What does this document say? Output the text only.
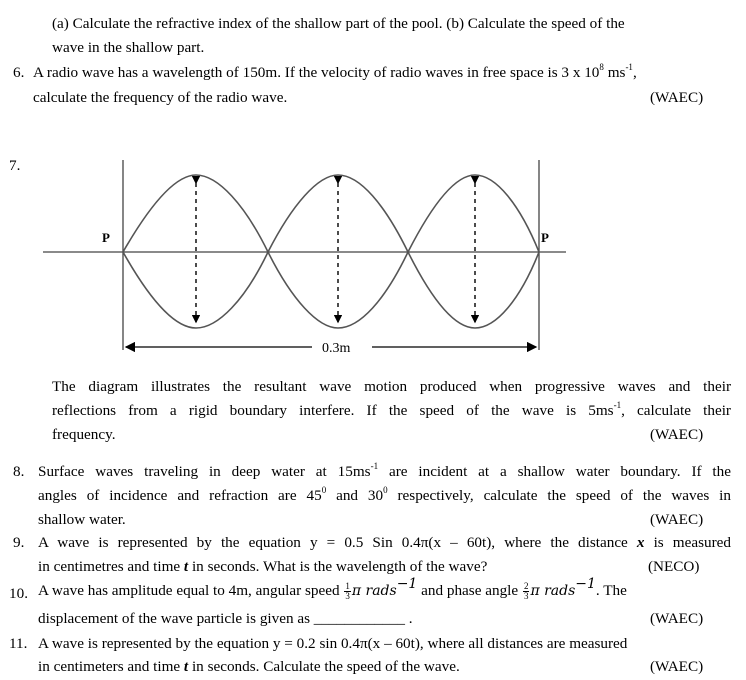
(a) Calculate the refractive index of the shallow part of the pool. (b) Calculate the speed of the
wave in the shallow part.
6. A radio wave has a wavelength of 150m. If the velocity of radio waves in free space is 3 x $10^8$ $ms^{-1}$,
calculate the frequency of the radio wave.	(WAEC)
7.
P	P
0.3m
The diagram illustrates the resultant wave motion produced when progressive waves and their
reflections from a rigid boundary interfere. If the speed of the wave is $5ms^{-1}$, calculate their
frequency.	(WAEC)
8. Surface waves traveling in deep water at $15ms^{-1}$ are incident at a shallow water boundary. If the
angles of incidence and refraction are $45^0$ and $30^0$ respectively, calculate the speed of the waves in
shallow water.	(WAEC)
9. A wave is represented by the equation y = 0.5 Sin 0.4π(x – 60t), where the distance x is measured
in centimetres and time t in seconds. What is the wavelength of the wave?	(NECO)
10. A wave has amplitude equal to 4m, angular speed $\frac{1}{3}$ π rads$^{-1}$ and phase angle $\frac{2}{3}$ π rads$^{-1}$. The
displacement of the wave particle is given as ____________ .	(WAEC)
11. A wave is represented by the equation y = 0.2 sin 0.4π(x – 60t), where all distances are measured
in centimeters and time t in seconds. Calculate the speed of the wave.	(WAEC)
